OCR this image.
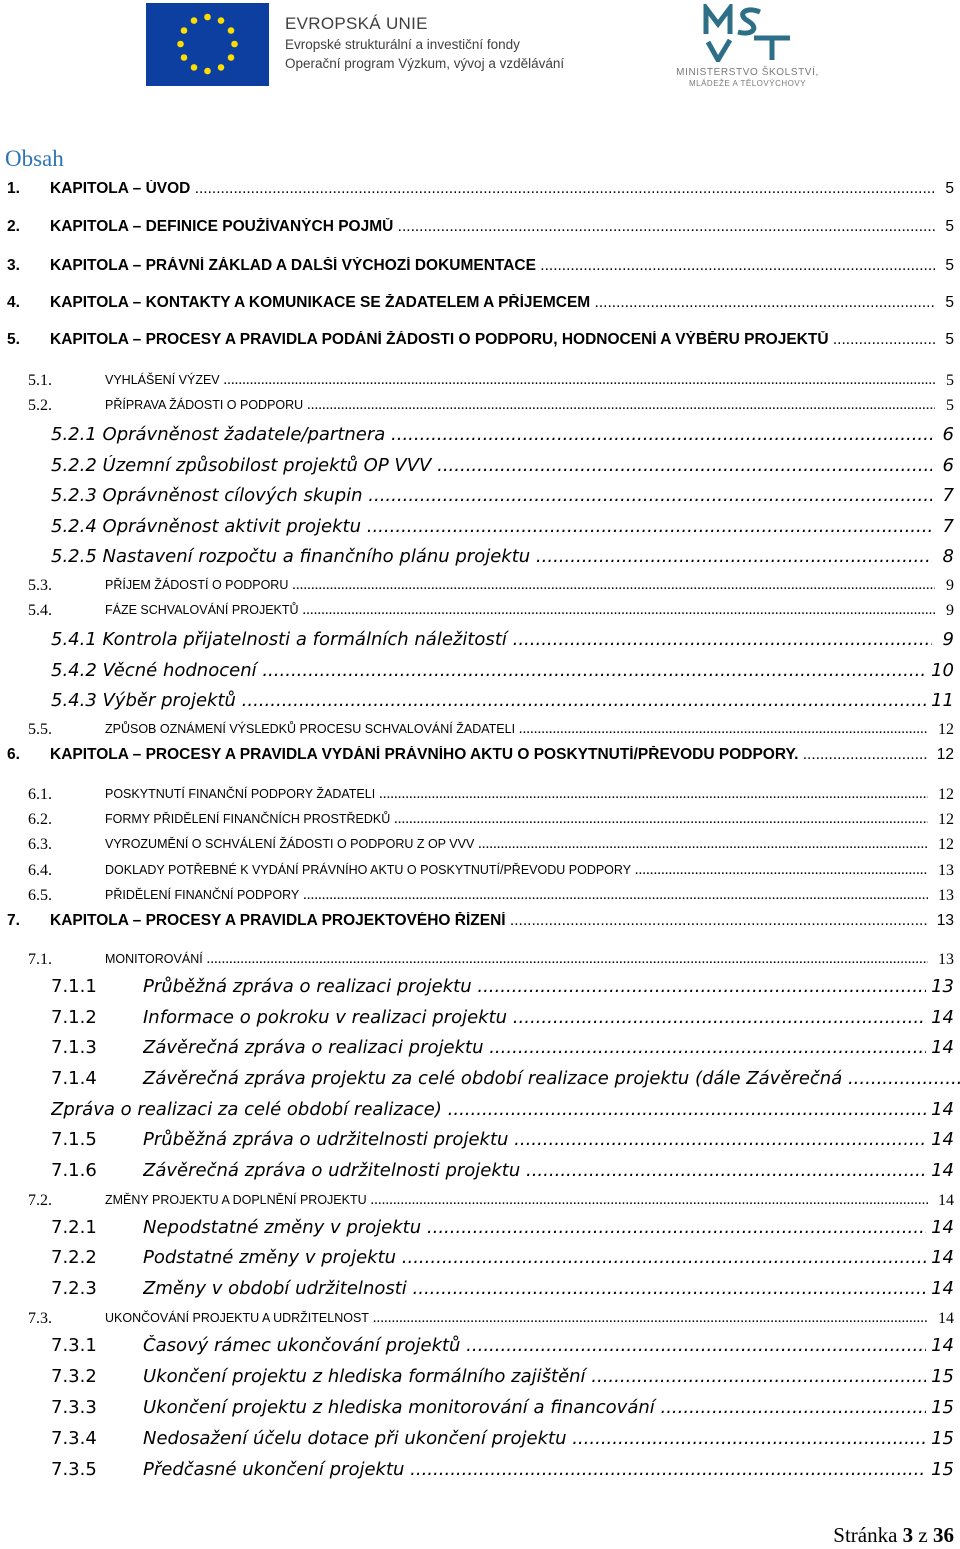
EVROPSKÁ UNIE
Evropské strukturální a investiční fondy
Operační program Výzkum, vývoj a vzdělávání
MINISTERSTVO ŠKOLSTVÍ,
MLÁDEŽE A TĚLOVÝCHOVY
Obsah
1. KAPITOLA – ÚVOD .....	5
2. KAPITOLA – DEFINICE POUŽÍVANÝCH POJMŮ .....	5
3. KAPITOLA – PRÁVNÍ ZÁKLAD A DALŠÍ VÝCHOZÍ DOKUMENTACE .....	5
4. KAPITOLA – KONTAKTY A KOMUNIKACE SE ŽADATELEM A PŘÍJEMCEM .....	5
5. KAPITOLA – PROCESY A PRAVIDLA PODÁNÍ ŽÁDOSTI O PODPORU, HODNOCENÍ A VÝBĚRU PROJEKTŮ .....	5
5.1.	VYHLÁŠENÍ VÝZEV .....	5
5.2.	PŘÍPRAVA ŽÁDOSTI O PODPORU .....	5
5.2.1 Oprávněnost žadatele/partnera .....	6
5.2.2 Územní způsobilost projektů OP VVV .....	6
5.2.3 Oprávněnost cílových skupin .....	7
5.2.4 Oprávněnost aktivit projektu .....	7
5.2.5 Nastavení rozpočtu a finančního plánu projektu .....	8
5.3.	PŘÍJEM ŽÁDOSTÍ O PODPORU .....	9
5.4.	FÁZE SCHVALOVÁNÍ PROJEKTŮ .....	9
5.4.1 Kontrola přijatelnosti a formálních náležitostí .....	9
5.4.2 Věcné hodnocení .....	10
5.4.3 Výběr projektů .....	11
5.5.	ZPŮSOB OZNÁMENÍ VÝSLEDKŮ PROCESU SCHVALOVÁNÍ ŽADATELI .....	12
6. KAPITOLA – PROCESY A PRAVIDLA VYDÁNÍ PRÁVNÍHO AKTU O POSKYTNUTÍ/PŘEVODU PODPORY. .....	12
6.1.	POSKYTNUTÍ FINANČNÍ PODPORY ŽADATELI .....	12
6.2.	FORMY PŘIDĚLENÍ FINANČNÍCH PROSTŘEDKŮ .....	12
6.3.	VYROZUMĚNÍ O SCHVÁLENÍ ŽÁDOSTI O PODPORU Z OP VVV .....	12
6.4.	DOKLADY POTŘEBNÉ K VYDÁNÍ PRÁVNÍHO AKTU O POSKYTNUTÍ/PŘEVODU PODPORY .....	13
6.5.	PŘIDĚLENÍ FINANČNÍ PODPORY .....	13
7. KAPITOLA – PROCESY A PRAVIDLA PROJEKTOVÉHO ŘÍZENÍ .....	13
7.1.	MONITOROVÁNÍ .....	13
7.1.1	Průběžná zpráva o realizaci projektu .....	13
7.1.2	Informace o pokroku v realizaci projektu .....	14
7.1.3	Závěrečná zpráva o realizaci projektu .....	14
7.1.4	Závěrečná zpráva projektu za celé období realizace projektu (dále Závěrečná .....
Zpráva o realizaci za celé období realizace) .....	14
7.1.5	Průběžná zpráva o udržitelnosti projektu .....	14
7.1.6	Závěrečná zpráva o udržitelnosti projektu .....	14
7.2.	ZMĚNY PROJEKTU A DOPLNĚNÍ PROJEKTU .....	14
7.2.1	Nepodstatné změny v projektu .....	14
7.2.2	Podstatné změny v projektu .....	14
7.2.3	Změny v období udržitelnosti .....	14
7.3.	UKONČOVÁNÍ PROJEKTU A UDRŽITELNOST .....	14
7.3.1	Časový rámec ukončování projektů .....	14
7.3.2	Ukončení projektu z hlediska formálního zajištění .....	15
7.3.3	Ukončení projektu z hlediska monitorování a financování .....	15
7.3.4	Nedosažení účelu dotace při ukončení projektu .....	15
7.3.5	Předčasné ukončení projektu .....	15
Stránka 3 z 36
